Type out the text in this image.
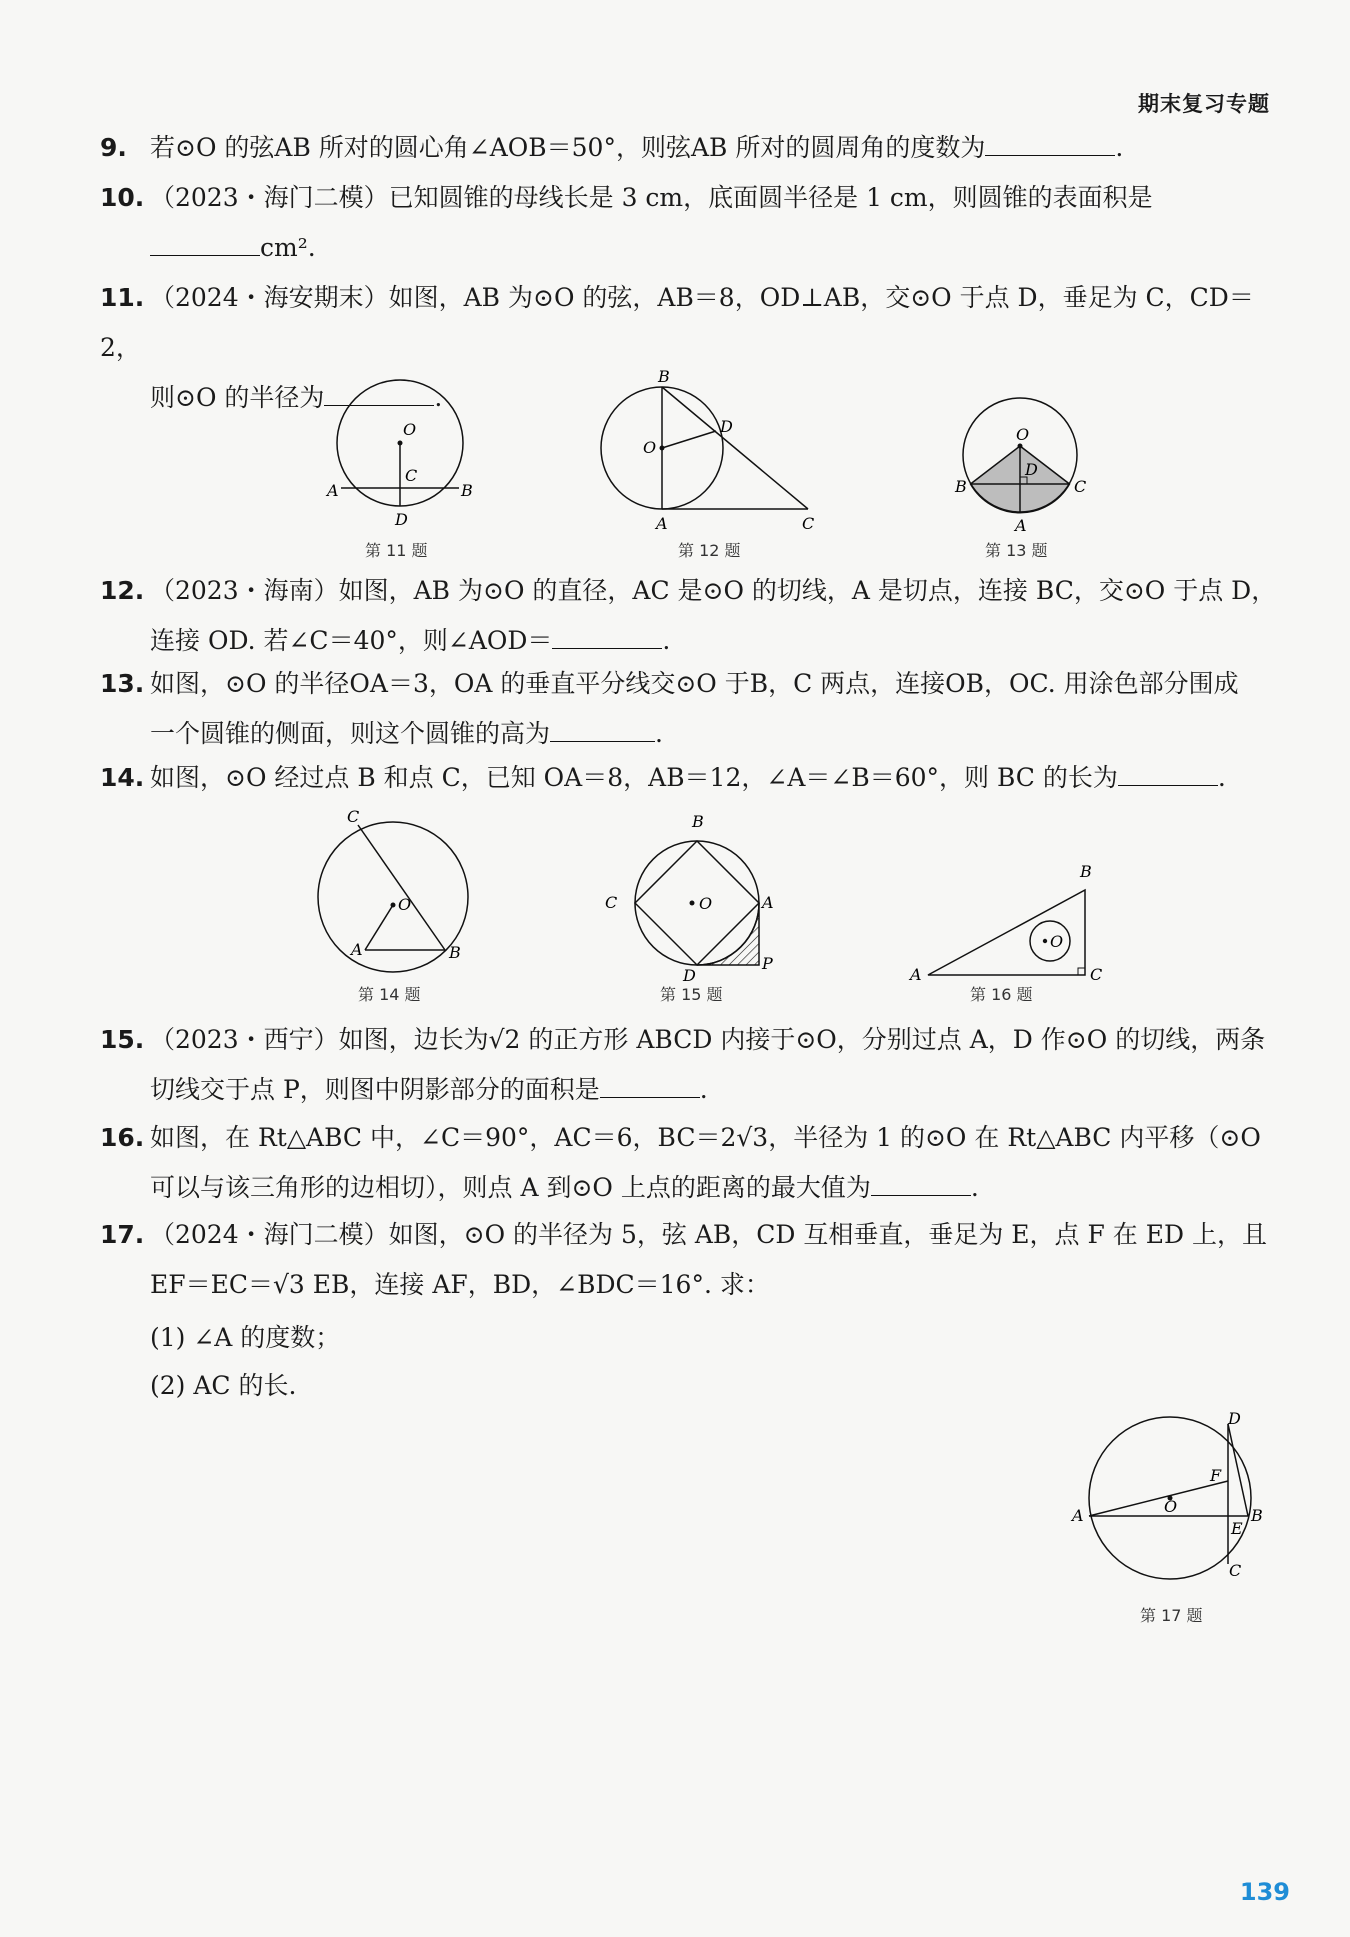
期末复习专题
9. 若⊙O 的弦AB 所对的圆心角∠AOB＝50°，则弦AB 所对的圆周角的度数为	.
10. （2023・海门二模）已知圆锥的母线长是 3 cm，底面圆半径是 1 cm，则圆锥的表面积是
cm².
11. （2024・海安期末）如图，AB 为⊙O 的弦，AB＝8，OD⊥AB，交⊙O 于点 D，垂足为 C，CD＝2，
则⊙O 的半径为	.
O
C
A	B
D
第 11 题
B
O
D
A	C
第 12 题
O
D
B	C
A
第 13 题
12. （2023・海南）如图，AB 为⊙O 的直径，AC 是⊙O 的切线，A 是切点，连接 BC，交⊙O 于点 D，
连接 OD. 若∠C＝40°，则∠AOD＝	.
13. 如图，⊙O 的半径OA＝3，OA 的垂直平分线交⊙O 于B，C 两点，连接OB，OC. 用涂色部分围成
一个圆锥的侧面，则这个圆锥的高为	.
14. 如图，⊙O 经过点 B 和点 C，已知 OA＝8，AB＝12，∠A＝∠B＝60°，则 BC 的长为	.
C
O
A	B
第 14 题
B
C	O	A
D
P
第 15 题
B
O
A	C
第 16 题
15. （2023・西宁）如图，边长为√2 的正方形 ABCD 内接于⊙O，分别过点 A，D 作⊙O 的切线，两条
切线交于点 P，则图中阴影部分的面积是	.
16. 如图，在 Rt△ABC 中，∠C＝90°，AC＝6，BC＝2√3，半径为 1 的⊙O 在 Rt△ABC 内平移（⊙O
可以与该三角形的边相切），则点 A 到⊙O 上点的距离的最大值为	.
17. （2024・海门二模）如图，⊙O 的半径为 5，弦 AB，CD 互相垂直，垂足为 E，点 F 在 ED 上，且
EF＝EC＝√3 EB，连接 AF，BD，∠BDC＝16°. 求：
(1) ∠A 的度数；
(2) AC 的长.
D
F
O
A	B
E
C
第 17 题
139
